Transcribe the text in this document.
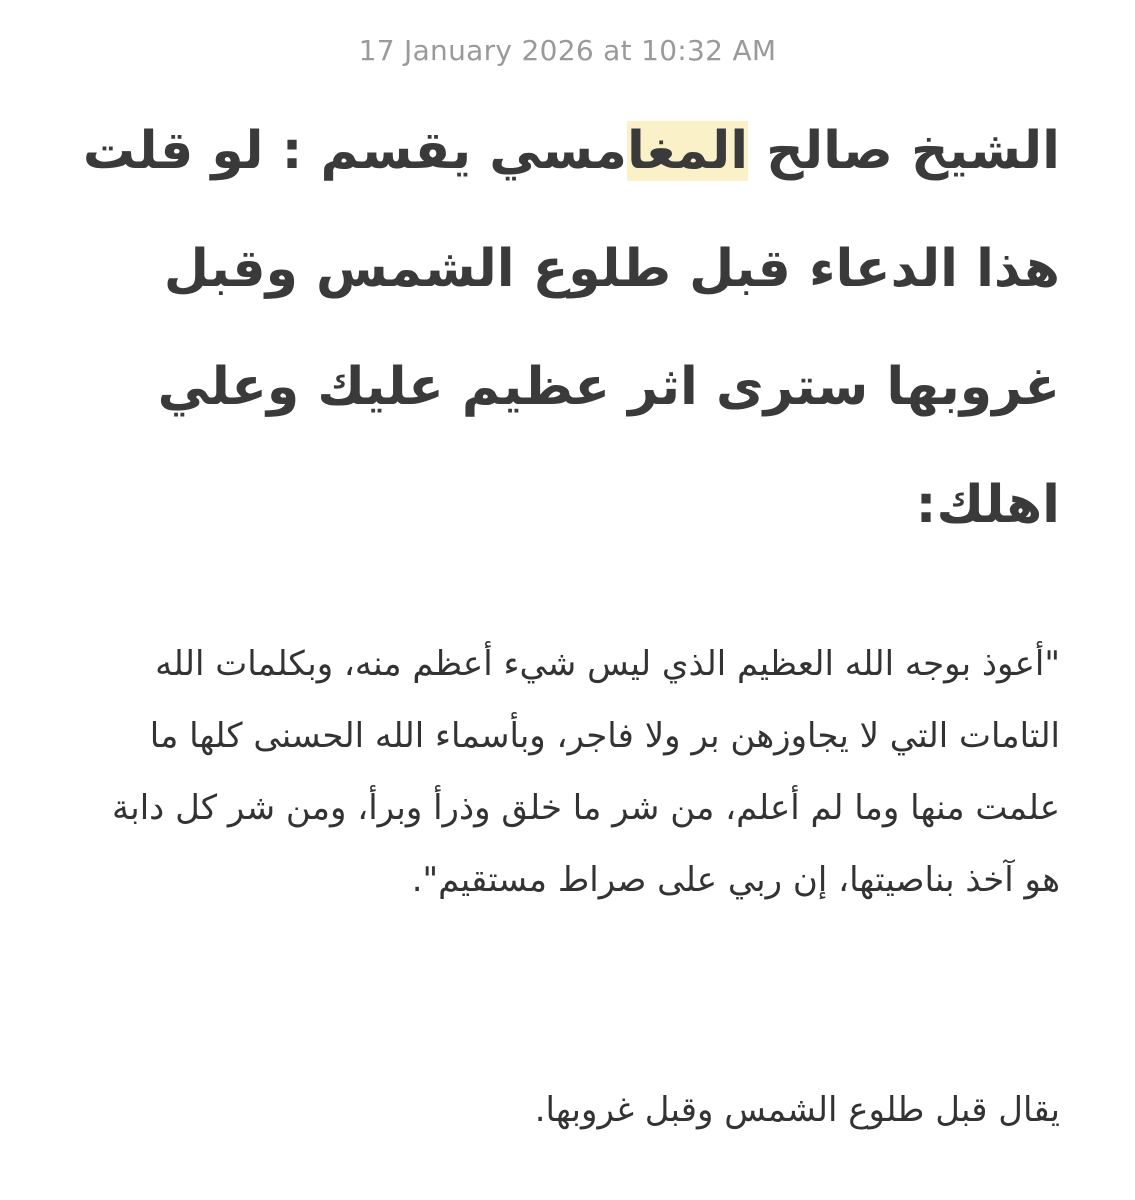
17 January 2026 at 10:32 AM
الشيخ صالح المغامسي يقسم : لو قلت هذا الدعاء قبل طلوع الشمس وقبل غروبها سترى اثر عظيم عليك وعلي اهلك:

"أعوذ بوجه الله العظيم الذي ليس شيء أعظم منه، وبكلمات الله التامات التي لا يجاوزهن بر ولا فاجر، وبأسماء الله الحسنى كلها ما علمت منها وما لم أعلم، من شر ما خلق وذرأ وبرأ، ومن شر كل دابة هو آخذ بناصيتها، إن ربي على صراط مستقيم".

يقال قبل طلوع الشمس وقبل غروبها.
